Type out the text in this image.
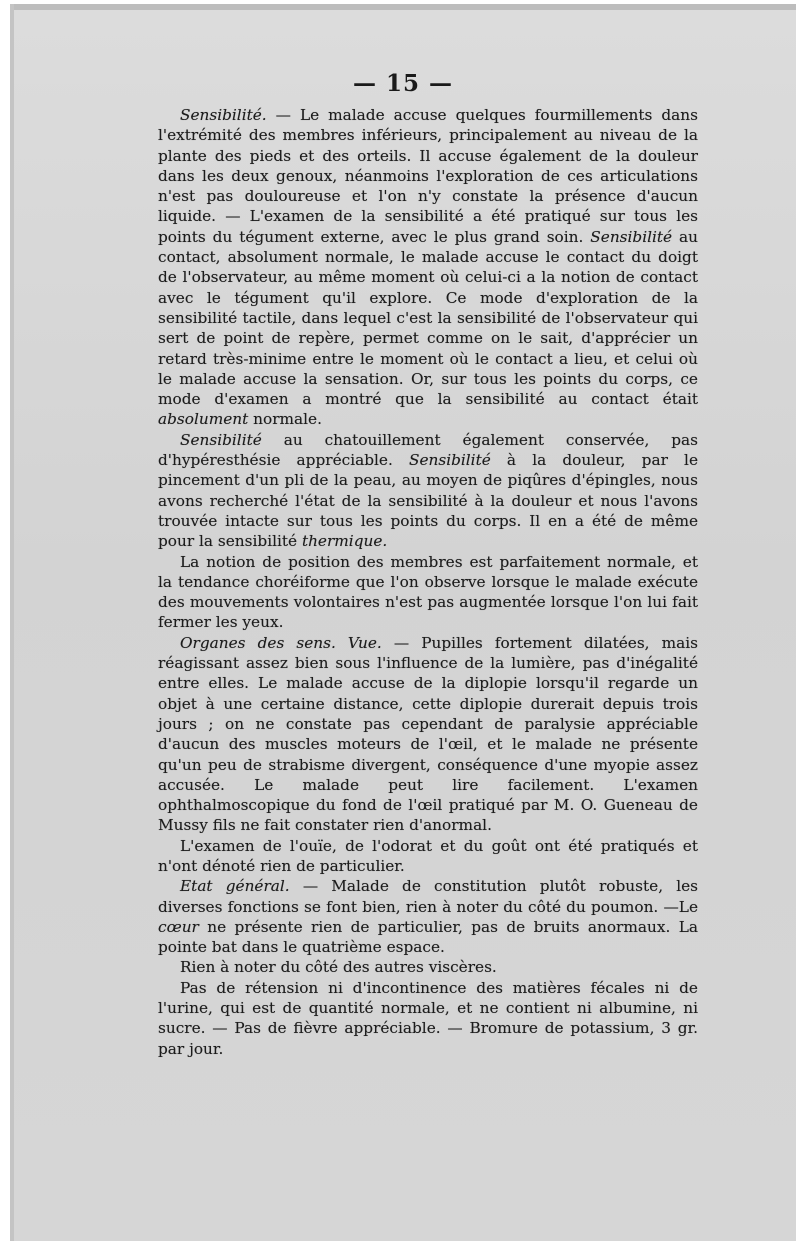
— 15 —

Sensibilité. — Le malade accuse quelques fourmillements dans l'extrémité des membres inférieurs, principalement au niveau de la plante des pieds et des orteils. Il accuse également de la douleur dans les deux genoux, néanmoins l'exploration de ces articulations n'est pas douloureuse et l'on n'y constate la présence d'aucun liquide. — L'examen de la sensibilité a été pratiqué sur tous les points du tégument externe, avec le plus grand soin. Sensibilité au contact, absolument normale, le malade accuse le contact du doigt de l'observateur, au même moment où celui-ci a la notion de contact avec le tégument qu'il explore. Ce mode d'exploration de la sensibilité tactile, dans lequel c'est la sensibilité de l'observateur qui sert de point de repère, permet comme on le sait, d'apprécier un retard très-minime entre le moment où le contact a lieu, et celui où le malade accuse la sensation. Or, sur tous les points du corps, ce mode d'examen a montré que la sensibilité au contact était absolument normale.

Sensibilité au chatouillement également conservée, pas d'hypéresthésie appréciable. Sensibilité à la douleur, par le pincement d'un pli de la peau, au moyen de piqûres d'épingles, nous avons recherché l'état de la sensibilité à la douleur et nous l'avons trouvée intacte sur tous les points du corps. Il en a été de même pour la sensibilité thermique.

La notion de position des membres est parfaitement normale, et la tendance choréiforme que l'on observe lorsque le malade exécute des mouvements volontaires n'est pas augmentée lorsque l'on lui fait fermer les yeux.

Organes des sens. Vue. — Pupilles fortement dilatées, mais réagissant assez bien sous l'influence de la lumière, pas d'inégalité entre elles. Le malade accuse de la diplopie lorsqu'il regarde un objet à une certaine distance, cette diplopie durerait depuis trois jours ; on ne constate pas cependant de paralysie appréciable d'aucun des muscles moteurs de l'œil, et le malade ne présente qu'un peu de strabisme divergent, conséquence d'une myopie assez accusée. Le malade peut lire facilement. L'examen ophthalmoscopique du fond de l'œil pratiqué par M. O. Gueneau de Mussy fils ne fait constater rien d'anormal.

L'examen de l'ouïe, de l'odorat et du goût ont été pratiqués et n'ont dénoté rien de particulier.

Etat général. — Malade de constitution plutôt robuste, les diverses fonctions se font bien, rien à noter du côté du poumon. —Le cœur ne présente rien de particulier, pas de bruits anormaux. La pointe bat dans le quatrième espace.

Rien à noter du côté des autres viscères.

Pas de rétension ni d'incontinence des matières fécales ni de l'urine, qui est de quantité normale, et ne contient ni albumine, ni sucre. — Pas de fièvre appréciable. — Bromure de potassium, 3 gr. par jour.
